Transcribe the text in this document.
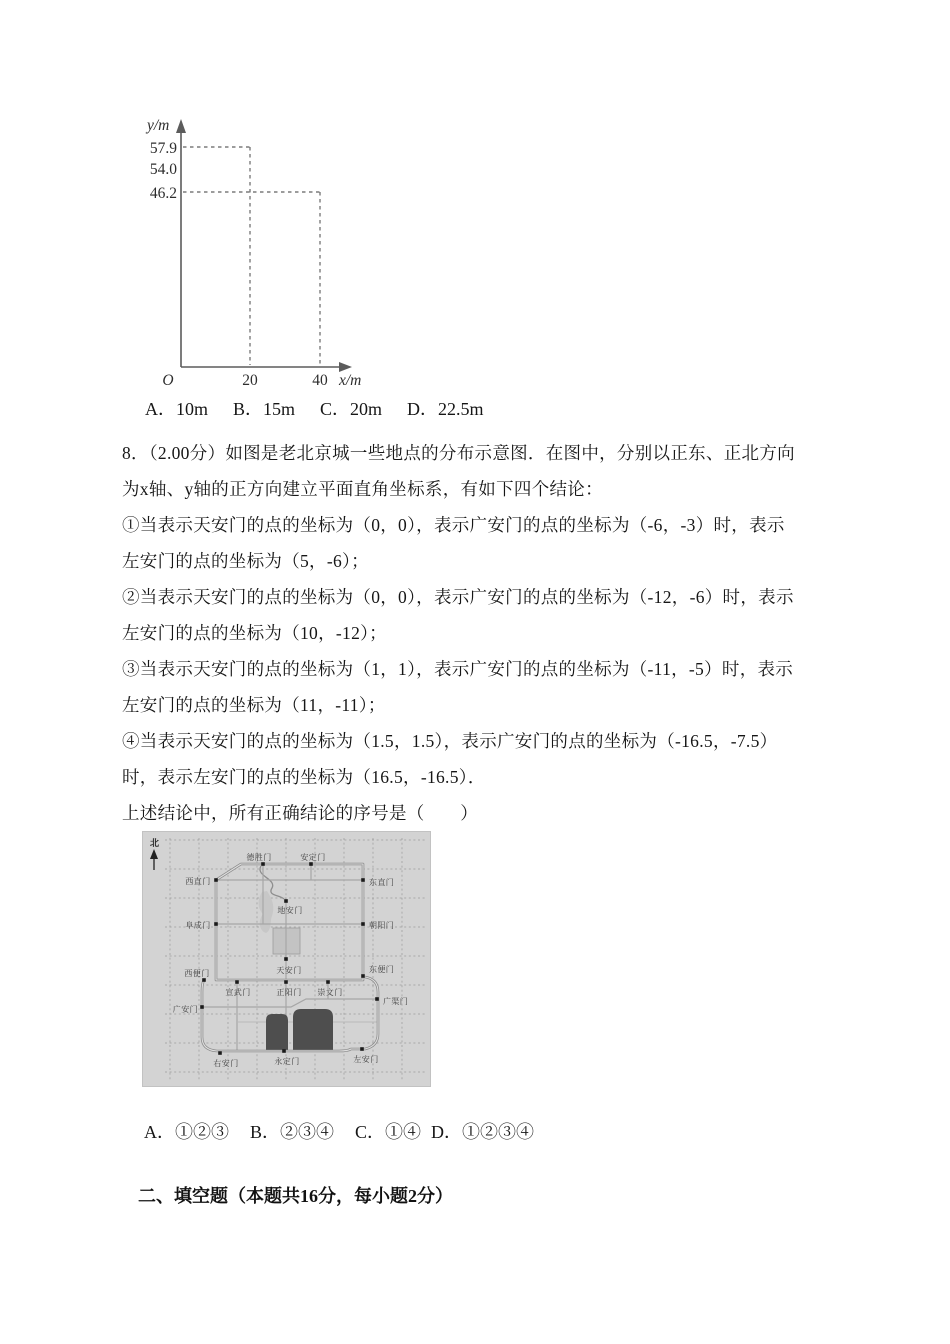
y/m
57.9
54.0
46.2
O	20	40 x/m
A．10m B．15m C．20m D．22.5m
8．（2.00分）如图是老北京城一些地点的分布示意图．在图中，分别以正东、正北方向
为x轴、y轴的正方向建立平面直角坐标系，有如下四个结论：
①当表示天安门的点的坐标为（0，0），表示广安门的点的坐标为（-6，-3）时，表示
左安门的点的坐标为（5，-6）；
②当表示天安门的点的坐标为（0，0），表示广安门的点的坐标为（-12，-6）时，表示
左安门的点的坐标为（10，-12）；
③当表示天安门的点的坐标为（1，1），表示广安门的点的坐标为（-11，-5）时，表示
左安门的点的坐标为（11，-11）；
④当表示天安门的点的坐标为（1.5，1.5），表示广安门的点的坐标为（-16.5，-7.5）
时，表示左安门的点的坐标为（16.5，-16.5）．
上述结论中，所有正确结论的序号是（　　）
北
德胜门	安定门
西直门	东直门
地安门
阜成门	朝阳门
西便门	天安门	东便门
宣武门	正阳门 崇文门
广安门
广渠门
右安门	永定门	左安门
A．①②③ B．②③④ C．①④ D．①②③④
二、填空题（本题共16分，每小题2分）
